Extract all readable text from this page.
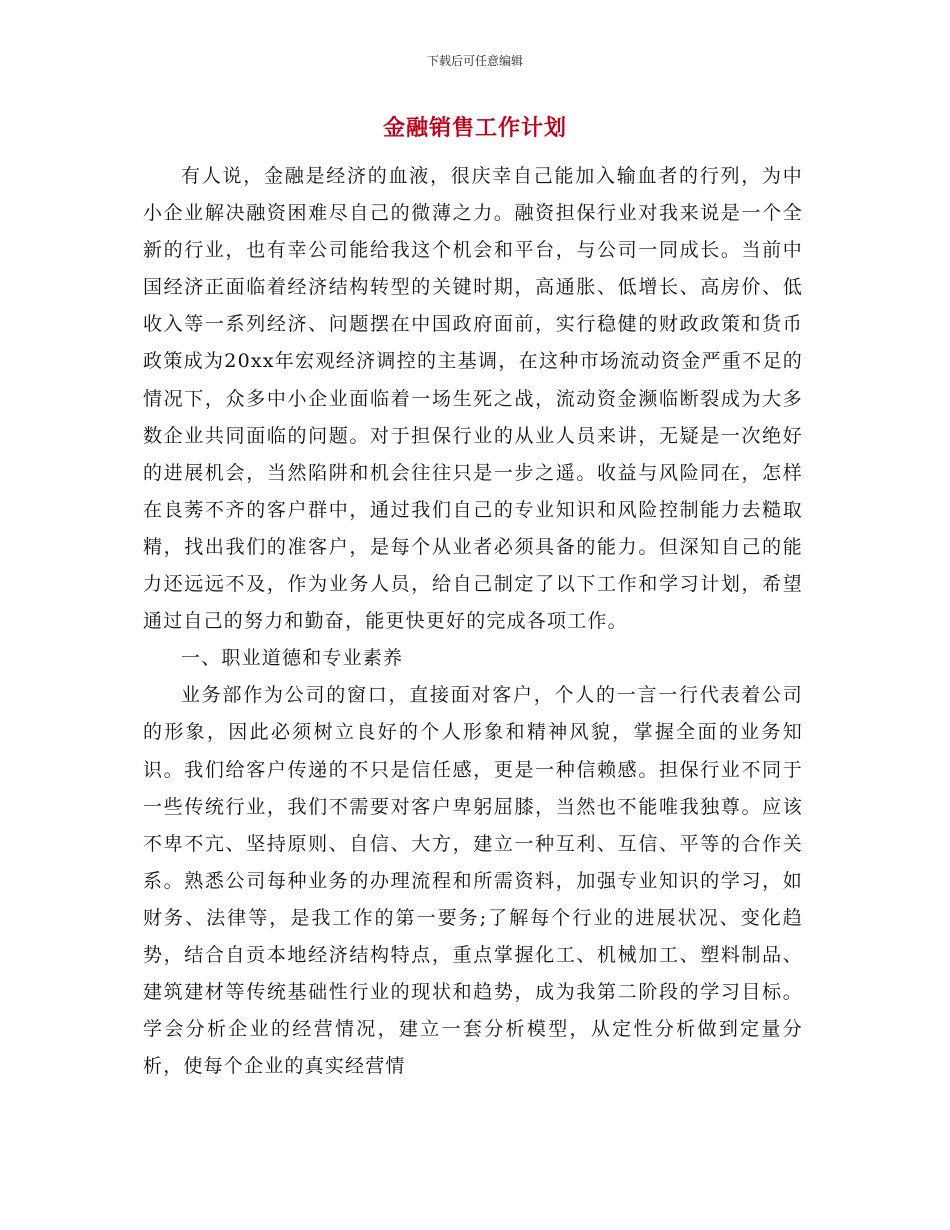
下载后可任意编辑
金融销售工作计划

有人说，金融是经济的血液，很庆幸自己能加入输血者的行列，为中小企业解决融资困难尽自己的微薄之力。融资担保行业对我来说是一个全新的行业，也有幸公司能给我这个机会和平台，与公司一同成长。当前中国经济正面临着经济结构转型的关键时期，高通胀、低增长、高房价、低收入等一系列经济、问题摆在中国政府面前，实行稳健的财政政策和货币政策成为20xx年宏观经济调控的主基调，在这种市场流动资金严重不足的情况下，众多中小企业面临着一场生死之战，流动资金濒临断裂成为大多数企业共同面临的问题。对于担保行业的从业人员来讲，无疑是一次绝好的进展机会，当然陷阱和机会往往只是一步之遥。收益与风险同在，怎样在良莠不齐的客户群中，通过我们自己的专业知识和风险控制能力去糙取精，找出我们的准客户，是每个从业者必须具备的能力。但深知自己的能力还远远不及，作为业务人员，给自己制定了以下工作和学习计划，希望通过自己的努力和勤奋，能更快更好的完成各项工作。

一、职业道德和专业素养

业务部作为公司的窗口，直接面对客户，个人的一言一行代表着公司的形象，因此必须树立良好的个人形象和精神风貌，掌握全面的业务知识。我们给客户传递的不只是信任感，更是一种信赖感。担保行业不同于一些传统行业，我们不需要对客户卑躬屈膝，当然也不能唯我独尊。应该不卑不亢、坚持原则、自信、大方，建立一种互利、互信、平等的合作关系。熟悉公司每种业务的办理流程和所需资料，加强专业知识的学习，如财务、法律等，是我工作的第一要务;了解每个行业的进展状况、变化趋势，结合自贡本地经济结构特点，重点掌握化工、机械加工、塑料制品、建筑建材等传统基础性行业的现状和趋势，成为我第二阶段的学习目标。学会分析企业的经营情况，建立一套分析模型，从定性分析做到定量分析，使每个企业的真实经营情
